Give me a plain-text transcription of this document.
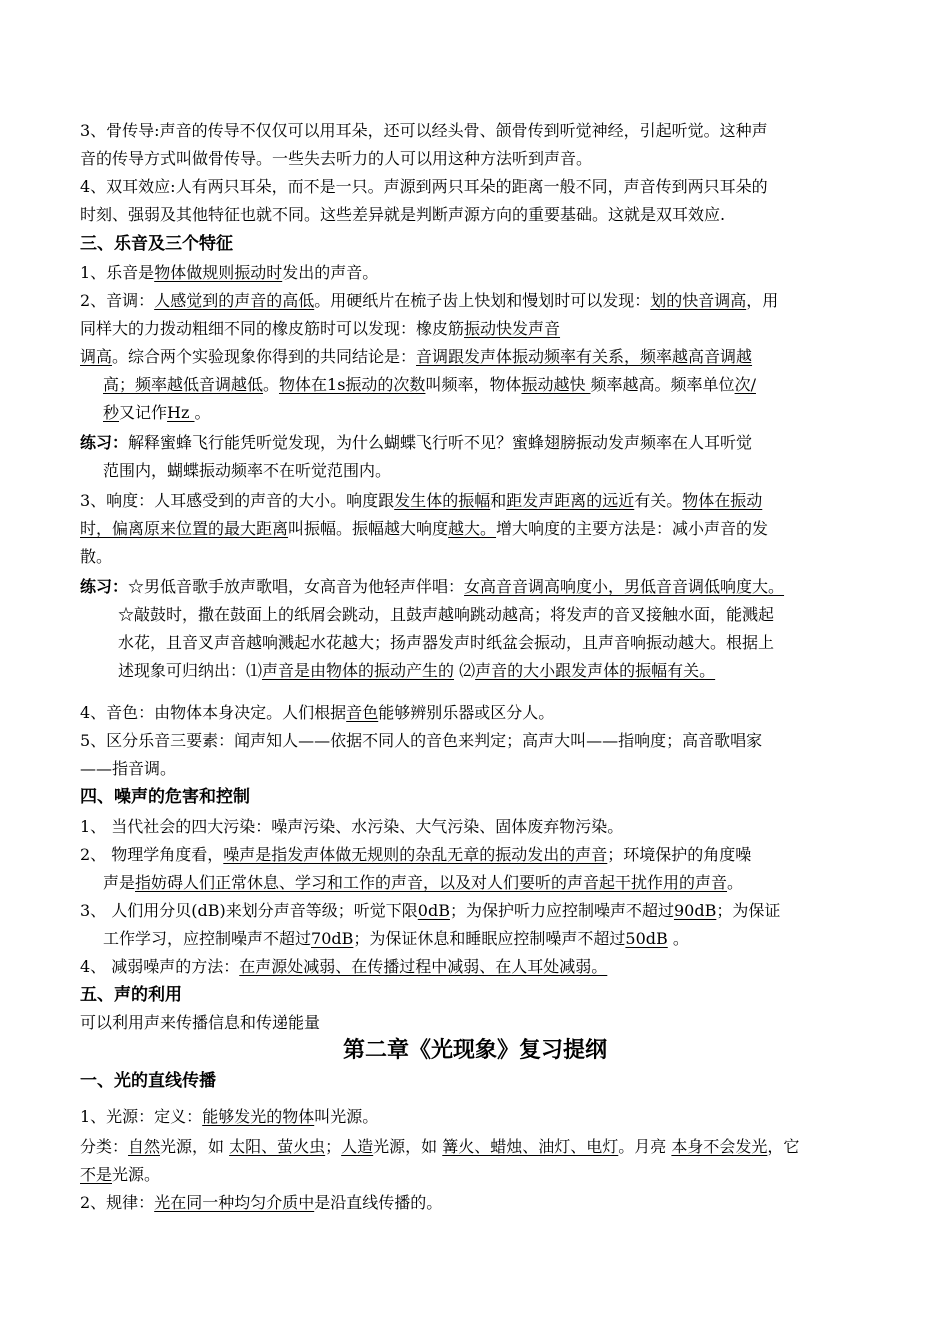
3、骨传导:声音的传导不仅仅可以用耳朵，还可以经头骨、颌骨传到听觉神经，引起听觉。这种声
音的传导方式叫做骨传导。一些失去听力的人可以用这种方法听到声音。
4、双耳效应:人有两只耳朵，而不是一只。声源到两只耳朵的距离一般不同，声音传到两只耳朵的
时刻、强弱及其他特征也就不同。这些差异就是判断声源方向的重要基础。这就是双耳效应.
三、乐音及三个特征
1、乐音是物体做规则振动时发出的声音。
2、音调：人感觉到的声音的高低。用硬纸片在梳子齿上快划和慢划时可以发现：划的快音调高，用
同样大的力拨动粗细不同的橡皮筋时可以发现：橡皮筋振动快发声音
调高。综合两个实验现象你得到的共同结论是：音调跟发声体振动频率有关系，频率越高音调越
高；频率越低音调越低。物体在1s振动的次数叫频率，物体振动越快 频率越高。频率单位次/
秒又记作Hz 。
练习：解释蜜蜂飞行能凭听觉发现，为什么蝴蝶飞行听不见？蜜蜂翅膀振动发声频率在人耳听觉
范围内，蝴蝶振动频率不在听觉范围内。
3、响度：人耳感受到的声音的大小。响度跟发生体的振幅和距发声距离的远近有关。物体在振动
时，偏离原来位置的最大距离叫振幅。振幅越大响度越大。增大响度的主要方法是：减小声音的发
散。
练习：☆男低音歌手放声歌唱，女高音为他轻声伴唱：女高音音调高响度小，男低音音调低响度大。
☆敲鼓时，撒在鼓面上的纸屑会跳动，且鼓声越响跳动越高；将发声的音叉接触水面，能溅起
水花，且音叉声音越响溅起水花越大；扬声器发声时纸盆会振动，且声音响振动越大。根据上
述现象可归纳出：⑴声音是由物体的振动产生的 ⑵声音的大小跟发声体的振幅有关。
4、音色：由物体本身决定。人们根据音色能够辨别乐器或区分人。
5、区分乐音三要素：闻声知人——依据不同人的音色来判定；高声大叫——指响度；高音歌唱家
——指音调。
四、噪声的危害和控制
1、 当代社会的四大污染：噪声污染、水污染、大气污染、固体废弃物污染。
2、 物理学角度看，噪声是指发声体做无规则的杂乱无章的振动发出的声音；环境保护的角度噪
声是指妨碍人们正常休息、学习和工作的声音，以及对人们要听的声音起干扰作用的声音。
3、 人们用分贝(dB)来划分声音等级；听觉下限0dB；为保护听力应控制噪声不超过90dB；为保证
工作学习，应控制噪声不超过70dB；为保证休息和睡眠应控制噪声不超过50dB 。
4、 减弱噪声的方法：在声源处减弱、在传播过程中减弱、在人耳处减弱。
五、声的利用
可以利用声来传播信息和传递能量
第二章《光现象》复习提纲
一、光的直线传播
1、光源：定义：能够发光的物体叫光源。
分类：自然光源，如 太阳、萤火虫；人造光源，如 篝火、蜡烛、油灯、电灯。月亮 本身不会发光，它
不是光源。
2、规律：光在同一种均匀介质中是沿直线传播的。
